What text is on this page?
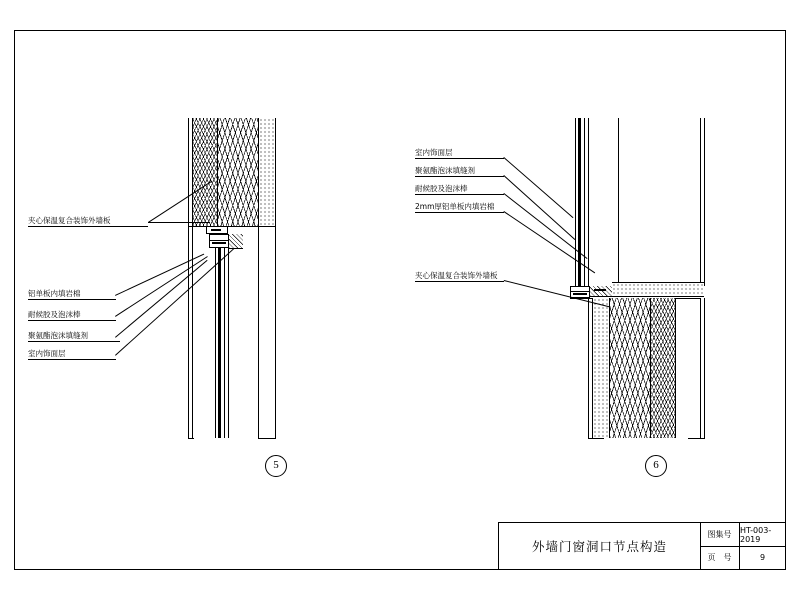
夹心保温复合装饰外墙板
铝单板内填岩棉
耐候胶及泡沫棒
聚氨酯泡沫填缝剂
室内饰面层
5
室内饰面层
聚氨酯泡沫填缝剂
耐候胶及泡沫棒
2mm厚铝单板内填岩棉
夹心保温复合装饰外墙板
6
外墙门窗洞口节点构造
图集号	HT-003-2019
页　号	9
